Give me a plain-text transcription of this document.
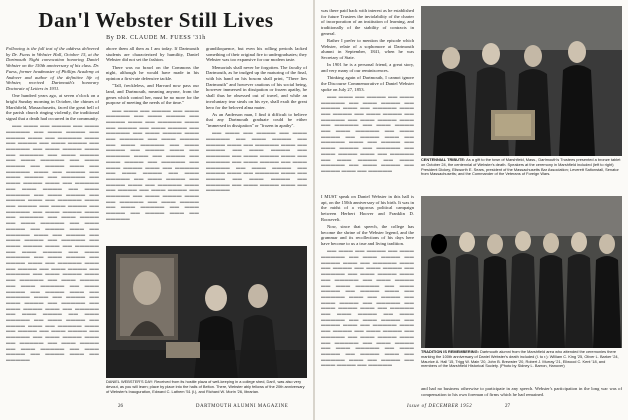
Dan'l Webster Still Lives
By DR. CLAUDE M. FUESS '31h

Following is the full text of the address delivered by Dr. Fuess in Webster Hall, October 15, at the Dartmouth Night convocation honoring Daniel Webster on the 150th anniversary of his class. Dr. Fuess, former headmaster of Phillips Academy at Andover and author of the definitive life of Webster, received Dartmouth's honorary Doctorate of Letters in 1931.

One hundred years ago, at seven o'clock on a bright Sunday morning in October, the chimes of Marshfield, Massachusetts, faced the great bell of the parish church ringing violently, the traditional signal that a death had occurred in the community.

▬▬ ▬▬▬ ▬▬ ▬▬▬▬ ▬▬ ▬▬▬ ▬▬▬▬▬ ▬▬ ▬▬▬ ▬▬▬▬ ▬▬ ▬▬▬▬ ▬▬▬ ▬▬ ▬▬▬▬▬ ▬▬▬ ▬▬ ▬▬▬▬ ▬▬ ▬▬▬ ▬▬▬▬ ▬▬ ▬▬▬▬▬ ▬▬ ▬▬▬ ▬▬▬▬ ▬▬▬ ▬▬ ▬▬▬▬▬ ▬▬ ▬▬▬ ▬▬▬▬ ▬▬ ▬▬▬ ▬▬▬▬▬ ▬▬ ▬▬▬ ▬▬▬▬ ▬▬ ▬▬▬▬ ▬▬▬ ▬▬ ▬▬▬▬▬ ▬▬▬ ▬▬ ▬▬▬▬ ▬▬ ▬▬▬ ▬▬▬▬ ▬▬ ▬▬▬▬▬ ▬▬ ▬▬▬ ▬▬▬▬ ▬▬▬ ▬▬ ▬▬▬▬▬ ▬▬ ▬▬▬ ▬▬▬▬ ▬▬ ▬▬▬ ▬▬▬▬▬ ▬▬ ▬▬▬ ▬▬▬▬ ▬▬ ▬▬▬▬ ▬▬▬ ▬▬ ▬▬▬▬▬ ▬▬▬ ▬▬ ▬▬▬▬ ▬▬ ▬▬▬ ▬▬▬▬ ▬▬ ▬▬▬▬▬ ▬▬ ▬▬▬ ▬▬▬▬ ▬▬▬ ▬▬ ▬▬▬▬▬ ▬▬ ▬▬▬ ▬▬▬▬ ▬▬ ▬▬▬ ▬▬▬▬▬ ▬▬ ▬▬▬ ▬▬▬▬ ▬▬ ▬▬▬▬ ▬▬▬ ▬▬ ▬▬▬▬▬ ▬▬▬ ▬▬ ▬▬▬▬ ▬▬ ▬▬▬ ▬▬▬▬ ▬▬ ▬▬▬▬▬ ▬▬ ▬▬▬ ▬▬▬▬ ▬▬▬ ▬▬ ▬▬▬▬▬ ▬▬ ▬▬▬ ▬▬▬▬ ▬▬ ▬▬▬ ▬▬▬▬▬ ▬▬ ▬▬▬ ▬▬▬▬ ▬▬ ▬▬▬▬ ▬▬▬ ▬▬ ▬▬▬▬▬ ▬▬▬ ▬▬ ▬▬▬▬ ▬▬ ▬▬▬ ▬▬▬▬ ▬▬ ▬▬▬▬▬ ▬▬ ▬▬▬ ▬▬▬▬ ▬▬▬ ▬▬ ▬▬▬▬▬ ▬▬ ▬▬▬ ▬▬▬▬ ▬▬ ▬▬▬ ▬▬▬▬▬ ▬▬ ▬▬▬ ▬▬▬▬ ▬▬ ▬▬▬▬ ▬▬▬ ▬▬ ▬▬▬▬▬ ▬▬▬ ▬▬ ▬▬▬▬ ▬▬ ▬▬▬ ▬▬▬▬ ▬▬ ▬▬▬▬▬ ▬▬ ▬▬▬ ▬▬▬▬ ▬▬▬ ▬▬ ▬▬▬▬▬ ▬▬ ▬▬▬ ▬▬▬▬ ▬▬ ▬▬▬ ▬▬▬▬▬ ▬▬ ▬▬▬ ▬▬▬▬ ▬▬ ▬▬▬▬ ▬▬▬ ▬▬ ▬▬▬▬▬ ▬▬▬ ▬▬ ▬▬▬▬ ▬▬ ▬▬▬ ▬▬▬▬ ▬▬ ▬▬▬▬▬ ▬▬ ▬▬▬ ▬▬▬▬ ▬▬▬ ▬▬ ▬▬▬▬▬ ▬▬ ▬▬▬ ▬▬▬▬ ▬▬ ▬▬▬ ▬▬▬▬▬ ▬▬ ▬▬▬ ▬▬▬▬ ▬▬ ▬▬▬▬ ▬▬▬ ▬▬ ▬▬▬▬▬

above them all then as I am today. If Dartmouth students are characterized by humility, Daniel Webster did not set the fashion.

There was no brawl on the Commons the night, although he would have made in his opinion a first-rate defensive tackle.

"Tall, freckleless, and Harvard now pass our land, and Dartmouth, meaning anyone, from the genes which control her, must be no more for the purpose of meeting the needs of the time."

▬▬ ▬▬▬ ▬▬ ▬▬▬▬ ▬▬ ▬▬▬ ▬▬▬▬▬ ▬▬ ▬▬▬ ▬▬▬▬ ▬▬ ▬▬▬▬ ▬▬▬ ▬▬ ▬▬▬▬▬ ▬▬▬ ▬▬ ▬▬▬▬ ▬▬ ▬▬▬ ▬▬▬▬ ▬▬ ▬▬▬▬▬ ▬▬ ▬▬▬ ▬▬▬▬ ▬▬▬ ▬▬ ▬▬▬▬▬ ▬▬ ▬▬▬ ▬▬▬▬ ▬▬ ▬▬▬ ▬▬▬▬▬ ▬▬ ▬▬▬ ▬▬▬▬ ▬▬ ▬▬▬▬ ▬▬▬ ▬▬ ▬▬▬▬▬ ▬▬▬ ▬▬ ▬▬▬▬ ▬▬ ▬▬▬ ▬▬▬▬ ▬▬ ▬▬▬▬▬ ▬▬ ▬▬▬ ▬▬▬▬ ▬▬▬ ▬▬ ▬▬▬▬▬ ▬▬ ▬▬▬ ▬▬▬▬ ▬▬ ▬▬▬ ▬▬▬▬▬ ▬▬ ▬▬▬ ▬▬▬▬ ▬▬ ▬▬▬▬ ▬▬▬ ▬▬ ▬▬▬▬▬ ▬▬▬ ▬▬ ▬▬▬▬ ▬▬ ▬▬▬ ▬▬▬▬ ▬▬ ▬▬▬▬▬ ▬▬ ▬▬▬ ▬▬▬▬ ▬▬▬ ▬▬ ▬▬▬▬▬ ▬▬ ▬▬▬ ▬▬▬▬ ▬▬ ▬▬▬ ▬▬▬▬▬ ▬▬ ▬▬▬ ▬▬▬▬ ▬▬ ▬▬▬▬ ▬▬▬ ▬▬ ▬▬▬▬▬

grandiloquence, but even his rolling periods lacked something of their original fire to undergraduates; they Webster was too expansive for our modern taste.

Memorials shall never be forgotten. The faculty of Dartmouth, as he trudged up the maturing of the final, with his hand on his bosom shall print, "There lies Dartmouth" and however cautious of his social being, however immersed in dissipation or frozen apathy, he shall thus be obsessed out of travel, and while an involuntary tear steals on his eye, shall exalt the great hero for the beloved alma mater.

As an Anderson man, I find it difficult to believe that any Dartmouth graduate could be either "immersed in dissipation" or "frozen in apathy".

▬▬ ▬▬▬ ▬▬ ▬▬▬▬ ▬▬ ▬▬▬ ▬▬▬▬▬ ▬▬ ▬▬▬ ▬▬▬▬ ▬▬ ▬▬▬▬ ▬▬▬ ▬▬ ▬▬▬▬▬ ▬▬▬ ▬▬ ▬▬▬▬ ▬▬ ▬▬▬ ▬▬▬▬ ▬▬ ▬▬▬▬▬ ▬▬ ▬▬▬ ▬▬▬▬ ▬▬▬ ▬▬ ▬▬▬▬▬ ▬▬ ▬▬▬ ▬▬▬▬ ▬▬ ▬▬▬ ▬▬▬▬▬ ▬▬ ▬▬▬ ▬▬▬▬ ▬▬ ▬▬▬▬ ▬▬▬ ▬▬ ▬▬▬▬▬ ▬▬▬ ▬▬ ▬▬▬▬ ▬▬ ▬▬▬ ▬▬▬▬ ▬▬ ▬▬▬▬▬ ▬▬ ▬▬▬ ▬▬▬▬ ▬▬▬ ▬▬ ▬▬▬▬▬

DANIEL WEBSTER'S DAY: Received from its hostile plaza of well-keeping in a college shed, Dan'l, was also very devout, as you will learn; place by place into the halls of Belton. There, Webster ably fellows of the 20th anniversary of Webster's Inauguration, Edward C. Lathem '51 (l.), and Richard W. Morin '26, librarian.
26	DARTMOUTH ALUMNI MAGAZINE

was there paid back with interest as he established for future Trustees the inviolability of the charter of incorporation of an institution of learning, and traditionally of the stability of contracts in general.

Rather I prefer to mention the episode which Webster, relate of a sophomore at Dartmouth alumni in September, 1841, when he was Secretary of State.

In 1901 he is a personal friend, a great story, and very many of our reminiscences.

Thinking again of Dartmouth, I cannot ignore the Discourse Commemorative of Daniel Webster spoke on July 27, 1853.

▬▬ ▬▬▬ ▬▬ ▬▬▬▬ ▬▬ ▬▬▬ ▬▬▬▬▬ ▬▬ ▬▬▬ ▬▬▬▬ ▬▬ ▬▬▬▬ ▬▬▬ ▬▬ ▬▬▬▬▬ ▬▬▬ ▬▬ ▬▬▬▬ ▬▬ ▬▬▬ ▬▬▬▬ ▬▬ ▬▬▬▬▬ ▬▬ ▬▬▬ ▬▬▬▬ ▬▬▬ ▬▬ ▬▬▬▬▬ ▬▬ ▬▬▬ ▬▬▬▬ ▬▬ ▬▬▬ ▬▬▬▬▬ ▬▬ ▬▬▬ ▬▬▬▬ ▬▬ ▬▬▬▬ ▬▬▬ ▬▬ ▬▬▬▬▬ ▬▬▬ ▬▬ ▬▬▬▬ ▬▬ ▬▬▬ ▬▬▬▬ ▬▬ ▬▬▬▬▬ ▬▬ ▬▬▬ ▬▬▬▬ ▬▬▬ ▬▬ ▬▬▬▬▬ ▬▬ ▬▬▬ ▬▬▬▬ ▬▬ ▬▬▬ ▬▬▬▬▬ ▬▬ ▬▬▬ ▬▬▬▬ ▬▬ ▬▬▬▬ ▬▬▬ ▬▬ ▬▬▬▬▬

CENTENNIAL TRIBUTE: As a gift to the town of Marshfield, Mass., Dartmouth's Trustees presented a bronze tablet on October 24, the centennial of Webster's death. Speakers at the ceremony in Marshfield included (left to right) President Dickey, Ellsworth E. Sears, president of the Massachusetts Bar Association; Leverett Saltonstall, Senator from Massachusetts; and the Commander of the Veterans of Foreign Wars.

I MUST speak on Daniel Webster in this hall is apt, on the 150th anniversary of his birth. It was in the midst of a vigorous political campaign between Herbert Hoover and Franklin D. Roosevelt.

Now, since that speech, the college has become the shrine of the Webster legend, and the grammar and its recollections of his days here have become to us a true and living tradition.

▬▬ ▬▬▬ ▬▬ ▬▬▬▬ ▬▬ ▬▬▬ ▬▬▬▬▬ ▬▬ ▬▬▬ ▬▬▬▬ ▬▬ ▬▬▬▬ ▬▬▬ ▬▬ ▬▬▬▬▬ ▬▬▬ ▬▬ ▬▬▬▬ ▬▬ ▬▬▬ ▬▬▬▬ ▬▬ ▬▬▬▬▬ ▬▬ ▬▬▬ ▬▬▬▬ ▬▬▬ ▬▬ ▬▬▬▬▬ ▬▬ ▬▬▬ ▬▬▬▬ ▬▬ ▬▬▬ ▬▬▬▬▬ ▬▬ ▬▬▬ ▬▬▬▬ ▬▬ ▬▬▬▬ ▬▬▬ ▬▬ ▬▬▬▬▬ ▬▬▬ ▬▬ ▬▬▬▬ ▬▬ ▬▬▬ ▬▬▬▬ ▬▬ ▬▬▬▬▬ ▬▬ ▬▬▬ ▬▬▬▬ ▬▬▬ ▬▬ ▬▬▬▬▬ ▬▬ ▬▬▬ ▬▬▬▬ ▬▬ ▬▬▬ ▬▬▬▬▬ ▬▬ ▬▬▬ ▬▬▬▬ ▬▬ ▬▬▬▬ ▬▬▬ ▬▬ ▬▬▬▬▬ ▬▬▬ ▬▬ ▬▬▬▬ ▬▬ ▬▬▬ ▬▬▬▬ ▬▬ ▬▬▬▬▬ ▬▬ ▬▬▬ ▬▬▬▬ ▬▬▬ ▬▬ ▬▬▬▬▬ ▬▬ ▬▬▬ ▬▬▬▬ ▬▬ ▬▬▬ ▬▬▬▬▬ ▬▬ ▬▬▬ ▬▬▬▬ ▬▬ ▬▬▬▬ ▬▬▬ ▬▬ ▬▬▬▬▬ ▬▬▬ ▬▬ ▬▬▬▬ ▬▬ ▬▬▬ ▬▬▬▬ ▬▬ ▬▬▬▬▬

TRADITION IS REMEMBERING: Dartmouth alumni from the Marshfield area who attended the ceremonies there marking the 100th anniversary of Daniel Webster's death included (l. to r.): William C. King '25, Oliver L. Barker '24, Maurice A. Hall '15, Trigg W. Main '20, John B. Brewster '20, Robert J. Murray '21, Ellwood C. Kent '18, and members of the Marshfield Historical Society. (Photo by Sidney L. Barron, Hanover)

and had no business otherwise to participate in any speech. Webster's participation in the long war was of compensation to his own foreman of firms which he had remained.

Issue of DECEMBER 1952	27
